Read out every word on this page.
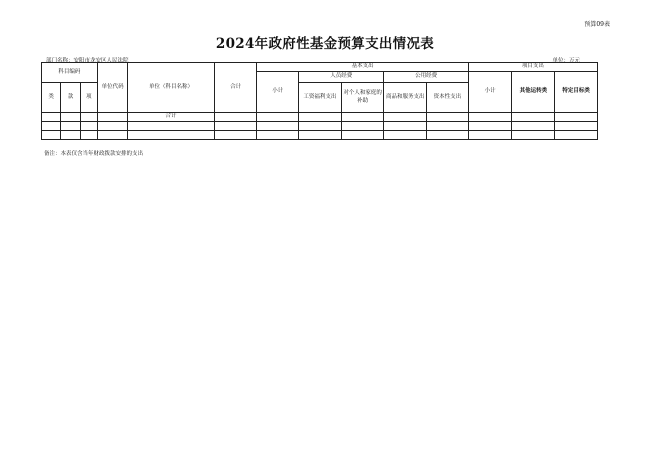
预算09表
2024年政府性基金预算支出情况表
部门名称：安阳市龙安区人民法院	单位：万元
科目编码			单位代码	单位（科目名称）	合计	基本支出					项目支出		
						小计	人员经费		公用经费		小计	其他运转类	特定目标类
类	款	项					工资福利支出	对个人和家庭的补助	商品和服务支出	资本性支出			

				合计									

备注：本表仅含当年财政拨款安排的支出
